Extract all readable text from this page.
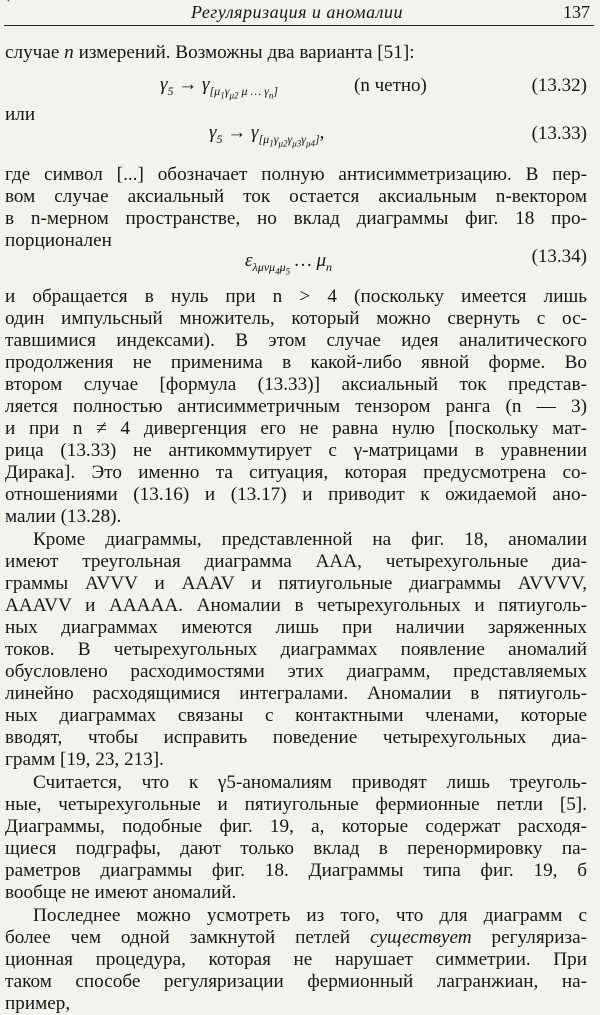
`	Регуляризация и аномалии	137
случае n измерений. Возможны два варианта [51]:
$\gamma_5 \to \gamma_{[\mu_1\gamma_{\mu 2} \mu \dots \gamma_n]}$	(n четно)	(13.32)
или
$\gamma_5 \to \gamma_{[\mu_1\gamma_{\mu 2}\gamma_{\mu 3}\gamma_{\mu 4}]}$,	(13.33)
где символ [...] обозначает полную антисимметризацию. В пер-
вом случае аксиальный ток остается аксиальным n-вектором
в n-мерном пространстве, но вклад диаграммы фиг. 18 про-
порционален
$\varepsilon_{\lambda\mu\nu\mu_4\mu_5}$ … $\mu_n$	(13.34)
и обращается в нуль при n > 4 (поскольку имеется лишь
один импульсный множитель, который можно свернуть с ос-
тавшимися индексами). В этом случае идея аналитического
продолжения не применима в какой-либо явной форме. Во
втором случае [формула (13.33)] аксиальный ток представ-
ляется полностью антисимметричным тензором ранга (n — 3)
и при n ≠ 4 дивергенция его не равна нулю [поскольку мат-
рица (13.33) не антикоммутирует с γ-матрицами в уравнении
Дирака]. Это именно та ситуация, которая предусмотрена со-
отношениями (13.16) и (13.17) и приводит к ожидаемой ано-
малии (13.28).
Кроме диаграммы, представленной на фиг. 18, аномалии
имеют треугольная диаграмма AAA, четырехугольные диа-
граммы AVVV и AAAV и пятиугольные диаграммы AVVVV,
AAAVV и AAAAA. Аномалии в четырехугольных и пятиуголь-
ных диаграммах имеются лишь при наличии заряженных
токов. В четырехугольных диаграммах появление аномалий
обусловлено расходимостями этих диаграмм, представляемых
линейно расходящимися интегралами. Аномалии в пятиуголь-
ных диаграммах связаны с контактными членами, которые
вводят, чтобы исправить поведение четырехугольных диа-
грамм [19, 23, 213].
Считается, что к γ5-аномалиям приводят лишь треуголь-
ные, четырехугольные и пятиугольные фермионные петли [5].
Диаграммы, подобные фиг. 19, a, которые содержат расходя-
щиеся подграфы, дают только вклад в перенормировку па-
раметров диаграммы фиг. 18. Диаграммы типа фиг. 19, б
вообще не имеют аномалий.
Последнее можно усмотреть из того, что для диаграмм с
более чем одной замкнутой петлей существует регуляриза-
ционная процедура, которая не нарушает симметрии. При
таком способе регуляризации фермионный лагранжиан, на-
пример,
